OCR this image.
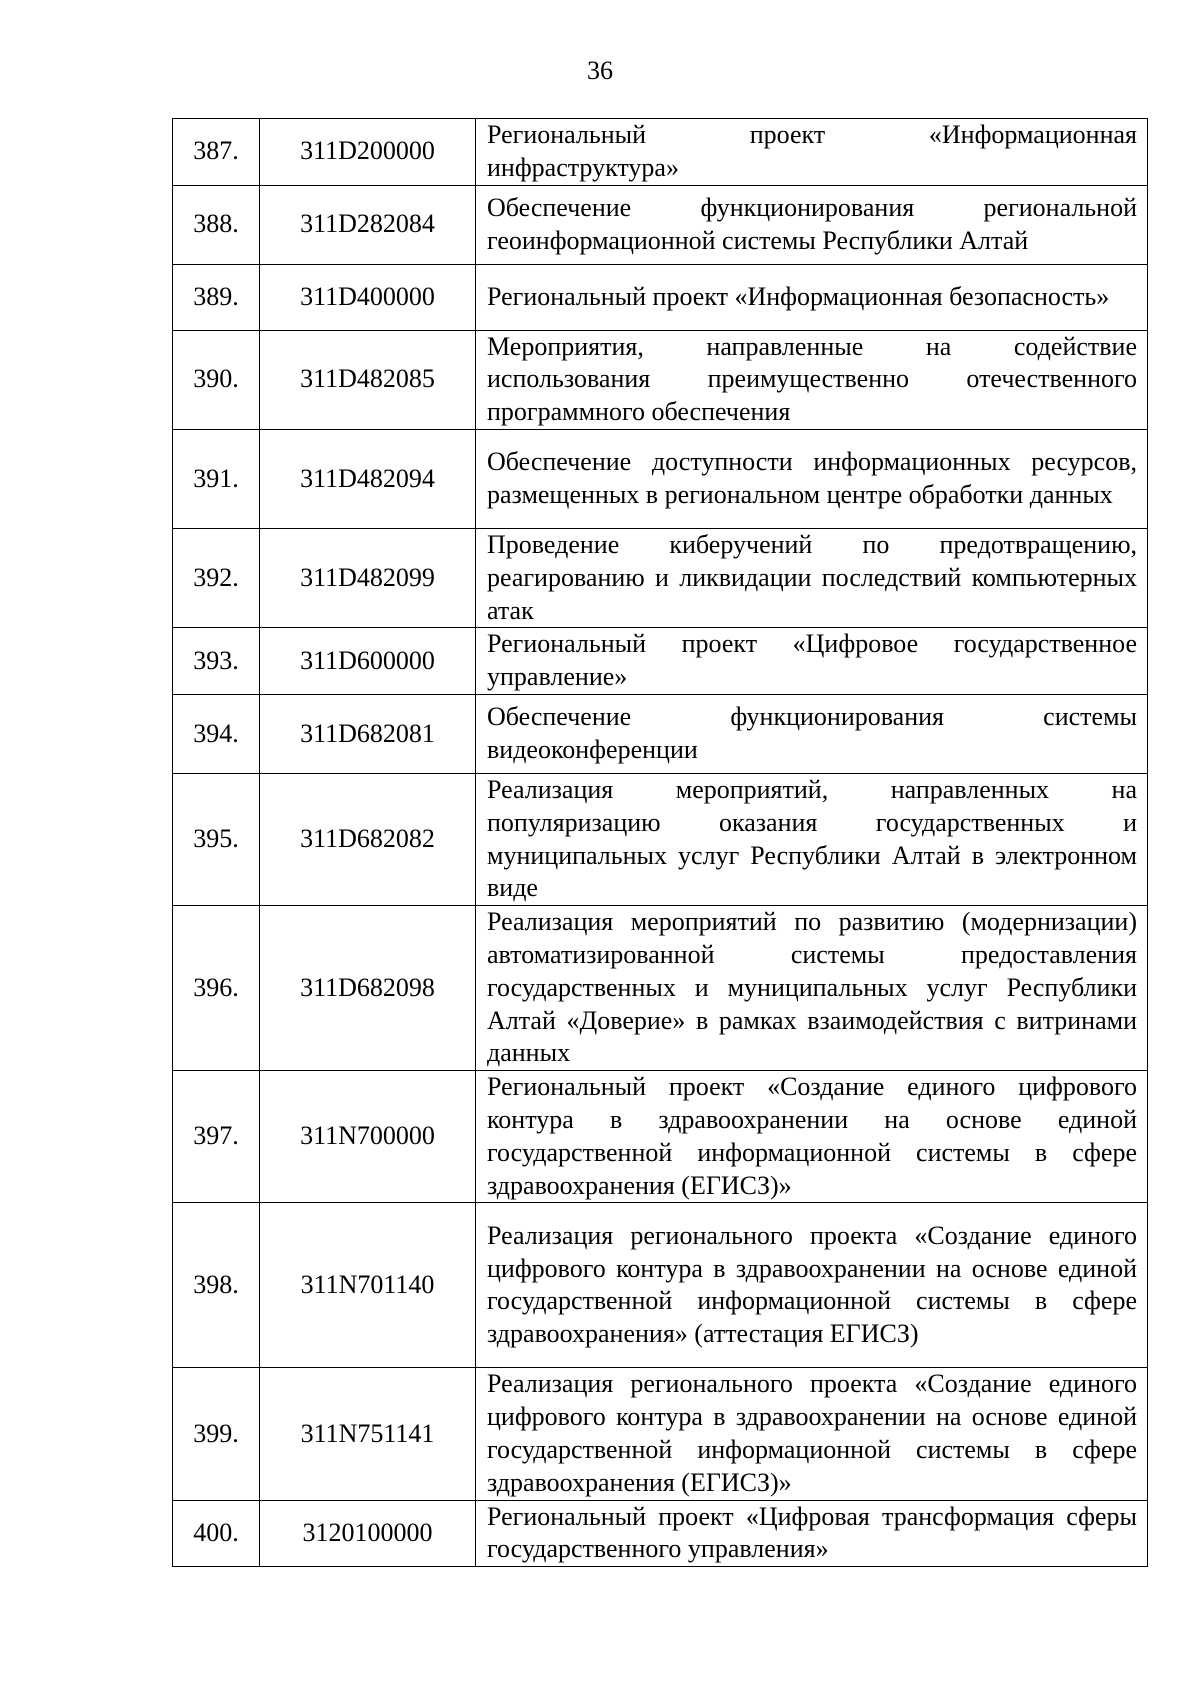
36
387.	311D200000	Региональный проект «Информационная инфраструктура»
388.	311D282084	Обеспечение функционирования региональной геоинформационной системы Республики Алтай
389.	311D400000	Региональный проект «Информационная безопасность»
390.	311D482085	Мероприятия, направленные на содействие использования преимущественно отечественного программного обеспечения
391.	311D482094	Обеспечение доступности информационных ресурсов, размещенных в региональном центре обработки данных
392.	311D482099	Проведение киберучений по предотвращению, реагированию и ликвидации последствий компьютерных атак
393.	311D600000	Региональный проект «Цифровое государственное управление»
394.	311D682081	Обеспечение функционирования системы видеоконференции
395.	311D682082	Реализация мероприятий, направленных на популяризацию оказания государственных и муниципальных услуг Республики Алтай в электронном виде
396.	311D682098	Реализация мероприятий по развитию (модернизации) автоматизированной системы предоставления государственных и муниципальных услуг Республики Алтай «Доверие» в рамках взаимодействия с витринами данных
397.	311N700000	Региональный проект «Создание единого цифрового контура в здравоохранении на основе единой государственной информационной системы в сфере здравоохранения (ЕГИСЗ)»
398.	311N701140	Реализация регионального проекта «Создание единого цифрового контура в здравоохранении на основе единой государственной информационной системы в сфере здравоохранения» (аттестация ЕГИСЗ)
399.	311N751141	Реализация регионального проекта «Создание единого цифрового контура в здравоохранении на основе единой государственной информационной системы в сфере здравоохранения (ЕГИСЗ)»
400.	3120100000	Региональный проект «Цифровая трансформация сферы государственного управления»
